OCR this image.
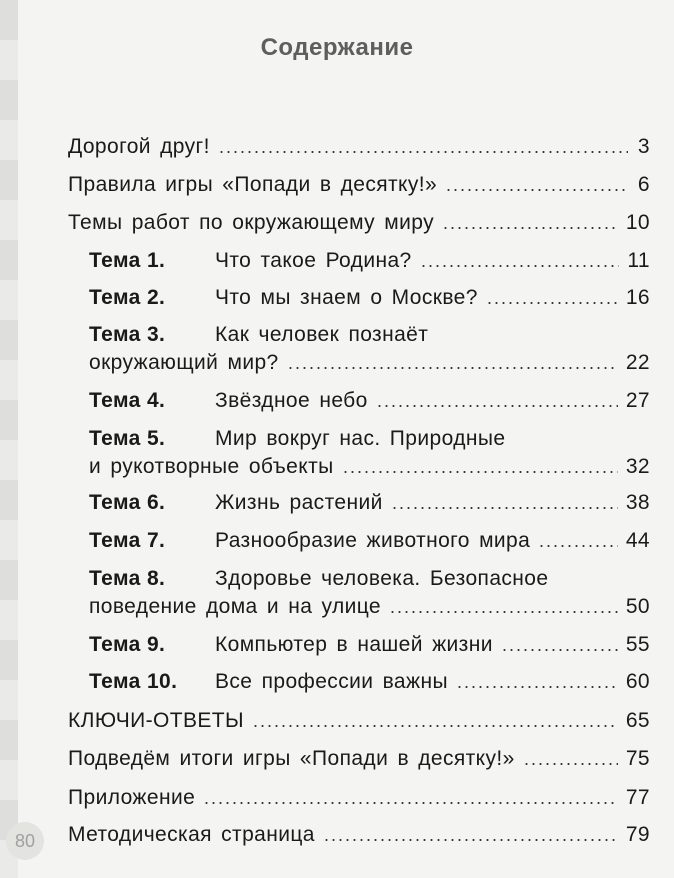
Содержание
Дорогой друг!	3
Правила игры «Попади в десятку!»	6
Темы работ по окружающему миру	10
Тема 1.	Что такое Родина?	11
Тема 2.	Что мы знаем о Москве?	16
Тема 3.	Как человек познаёт
окружающий мир?	22
Тема 4.	Звёздное небо	27
Тема 5.	Мир вокруг нас. Природные
и рукотворные объекты	32
Тема 6.	Жизнь растений	38
Тема 7.	Разнообразие животного мира	44
Тема 8.	Здоровье человека. Безопасное
поведение дома и на улице	50
Тема 9.	Компьютер в нашей жизни	55
Тема 10.	Все профессии важны	60
КЛЮЧИ-ОТВЕТЫ	65
Подведём итоги игры «Попади в десятку!»	75
Приложение	77
Методическая страница	79
80
